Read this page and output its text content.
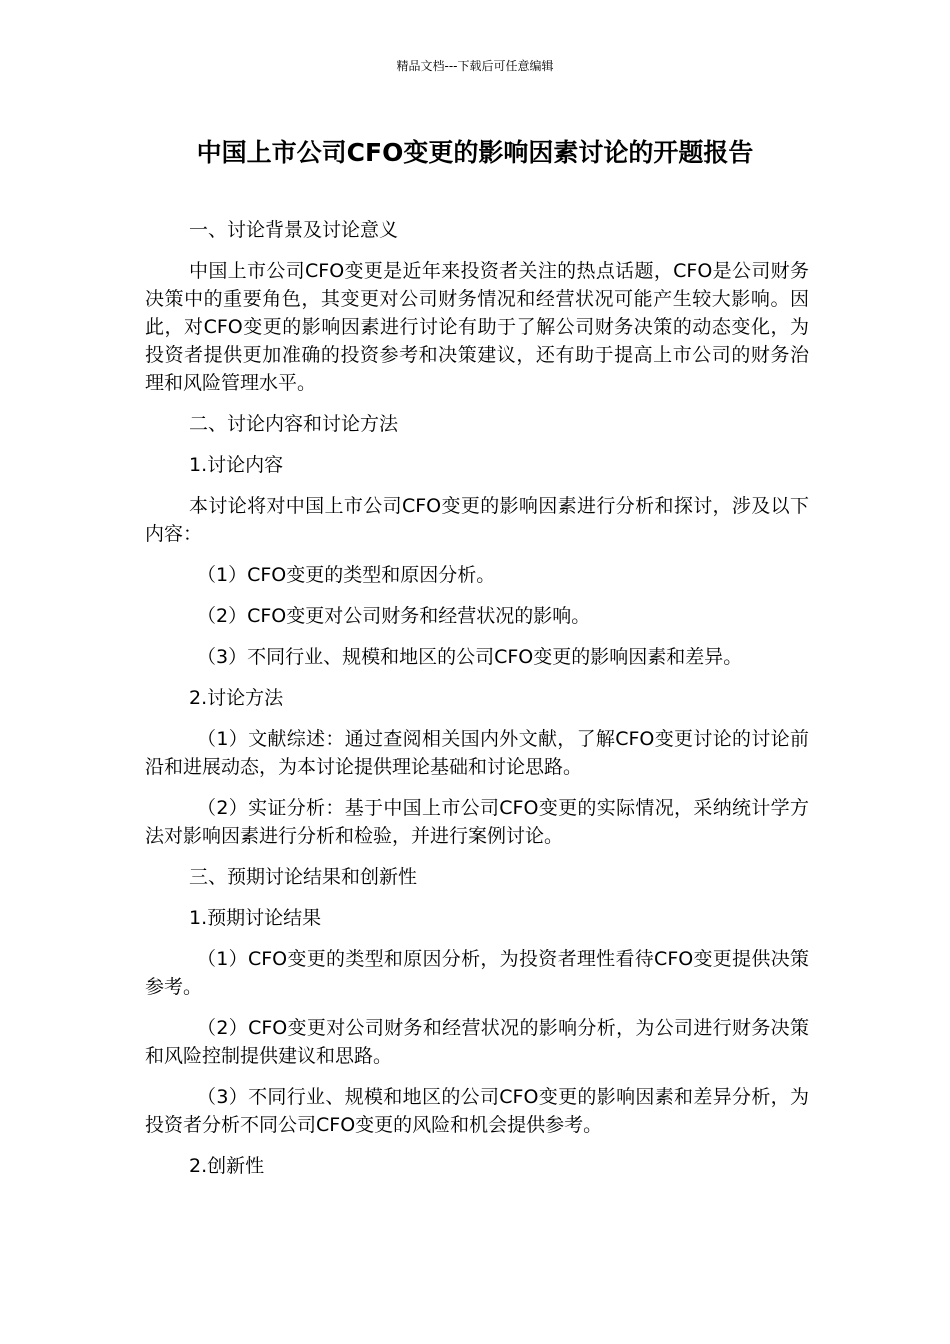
精品文档---下载后可任意编辑
中国上市公司CFO变更的影响因素讨论的开题报告

一、讨论背景及讨论意义

中国上市公司CFO变更是近年来投资者关注的热点话题，CFO是公司财务决策中的重要角色，其变更对公司财务情况和经营状况可能产生较大影响。因此，对CFO变更的影响因素进行讨论有助于了解公司财务决策的动态变化，为投资者提供更加准确的投资参考和决策建议，还有助于提高上市公司的财务治理和风险管理水平。

二、讨论内容和讨论方法

1.讨论内容

本讨论将对中国上市公司CFO变更的影响因素进行分析和探讨，涉及以下内容：

（1）CFO变更的类型和原因分析。

（2）CFO变更对公司财务和经营状况的影响。

（3）不同行业、规模和地区的公司CFO变更的影响因素和差异。

2.讨论方法

（1）文献综述：通过查阅相关国内外文献，了解CFO变更讨论的讨论前沿和进展动态，为本讨论提供理论基础和讨论思路。

（2）实证分析：基于中国上市公司CFO变更的实际情况，采纳统计学方法对影响因素进行分析和检验，并进行案例讨论。

三、预期讨论结果和创新性

1.预期讨论结果

（1）CFO变更的类型和原因分析，为投资者理性看待CFO变更提供决策参考。

（2）CFO变更对公司财务和经营状况的影响分析，为公司进行财务决策和风险控制提供建议和思路。

（3）不同行业、规模和地区的公司CFO变更的影响因素和差异分析，为投资者分析不同公司CFO变更的风险和机会提供参考。

2.创新性
